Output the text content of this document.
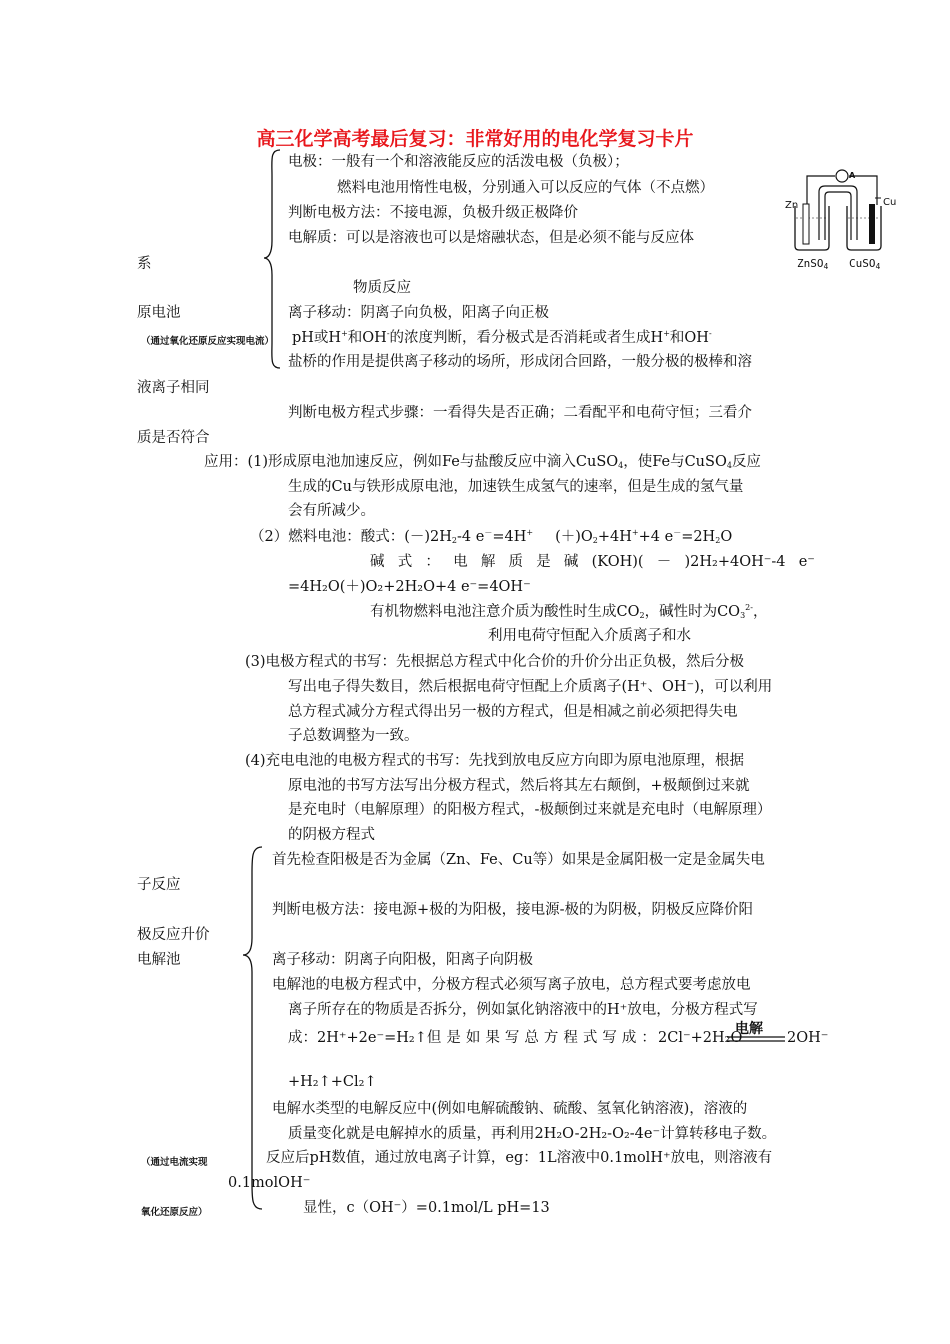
高三化学高考最后复习：非常好用的电化学复习卡片
电极：一般有一个和溶液能反应的活泼电极（负极）；
燃料电池用惰性电极，分别通入可以反应的气体（不点燃）
判断电极方法：不接电源，负极升级正极降价
电解质：可以是溶液也可以是熔融状态，但是必须不能与反应体
系
物质反应
原电池	离子移动：阴离子向负极，阳离子向正极
（通过氧化还原反应实现电流） pH或H+和OH-的浓度判断，看分极式是否消耗或者生成H+和OH-
盐桥的作用是提供离子移动的场所，形成闭合回路，一般分极的极棒和溶
液离子相同
判断电极方程式步骤：一看得失是否正确；二看配平和电荷守恒；三看介
质是否符合
A
Zn	Cu
ZnSO$_4$ CuSO$_4$
应用：(1)形成原电池加速反应，例如Fe与盐酸反应中滴入CuSO$_4$，使Fe与CuSO$_4$反应
生成的Cu与铁形成原电池，加速铁生成氢气的速率，但是生成的氢气量
会有所减少。
（2）燃料电池：酸式：$(-)2H_2-4$ e－=4H+ $(+)O_2+4H^++4$ $e^-=2H_2O$
碱 式 ： 电 解 质 是 碱 (KOH)( － )2H₂+4OH⁻-4 e⁻
=4H₂O(＋)O₂+2H₂O+4 e⁻=4OH⁻
有机物燃料电池注意介质为酸性时生成$CO_2$，碱性时为$CO_3^{2-}$，
利用电荷守恒配入介质离子和水
(3)电极方程式的书写：先根据总方程式中化合价的升价分出正负极，然后分极
写出电子得失数目，然后根据电荷守恒配上介质离子(H⁺、OH⁻)，可以利用
总方程式减分方程式得出另一极的方程式，但是相减之前必须把得失电
子总数调整为一致。
(4)充电电池的电极方程式的书写：先找到放电反应方向即为原电池原理，根据
原电池的书写方法写出分极方程式，然后将其左右颠倒，+极颠倒过来就
是充电时（电解原理）的阳极方程式，-极颠倒过来就是充电时（电解原理）
的阴极方程式
首先检查阳极是否为金属（Zn、Fe、Cu等）如果是金属阳极一定是金属失电
子反应
判断电极方法：接电源+极的为阳极，接电源-极的为阴极，阴极反应降价阳
极反应升价
电解池	离子移动：阴离子向阳极，阳离子向阴极
电解池的电极方程式中，分极方程式必须写离子放电，总方程式要考虑放电
离子所存在的物质是否拆分，例如氯化钠溶液中的H⁺放电，分极方程式写
成： 2H⁺+2e⁻=H₂↑ 但是如果写总方程式写成：
2Cl⁻+2H₂O
电解
2OH⁻
+H₂↑+Cl₂↑
电解水类型的电解反应中(例如电解硫酸钠、硫酸、氢氧化钠溶液)，溶液的
质量变化就是电解掉水的质量，再利用2H₂O-2H₂-O₂-4e⁻计算转移电子数。
（通过电流实现	反应后pH数值，通过放电离子计算，eg：1L溶液中0.1molH⁺放电，则溶液有
0.1molOH⁻
氧化还原反应）	显性，c（OH⁻）=0.1mol/L pH=13
